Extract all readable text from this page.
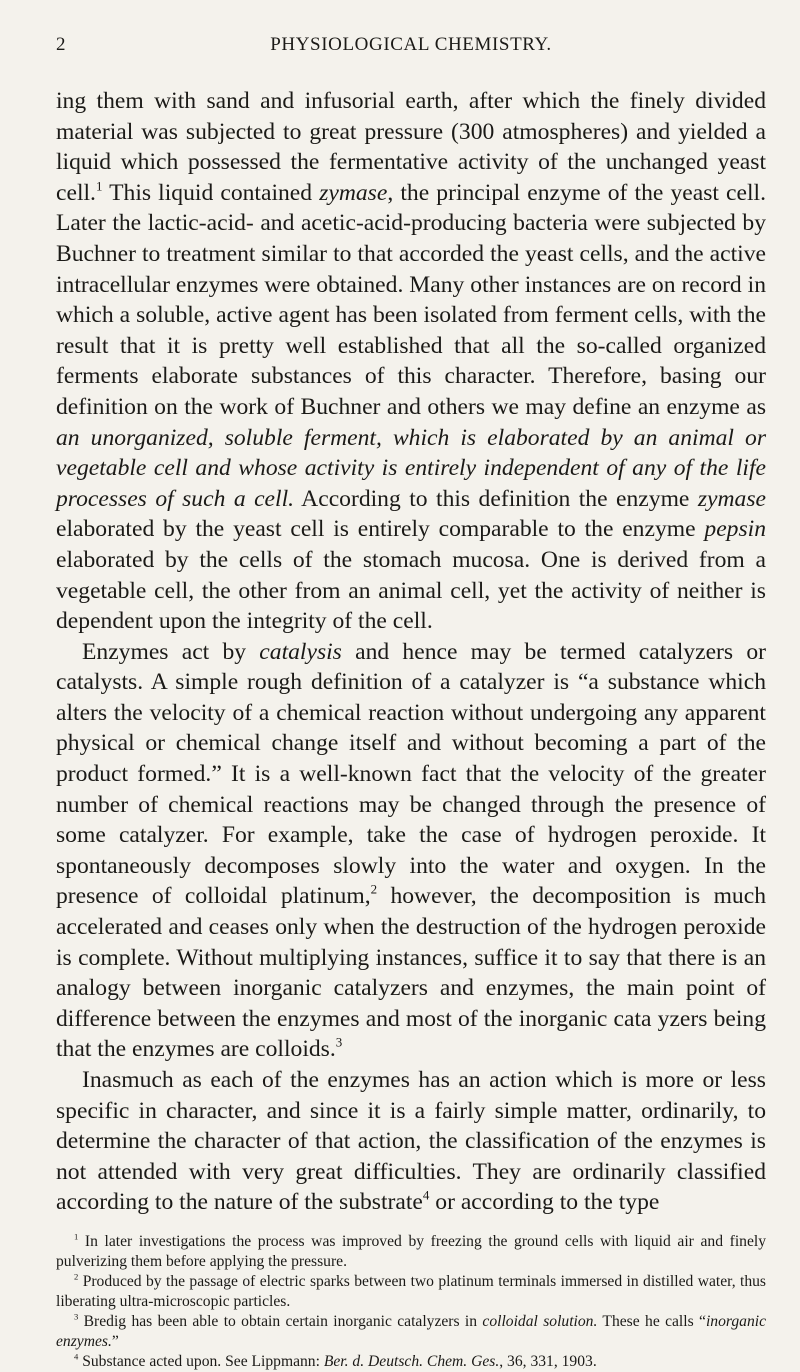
2	PHYSIOLOGICAL CHEMISTRY.

ing them with sand and infusorial earth, after which the finely divided material was subjected to great pressure (300 atmospheres) and yielded a liquid which possessed the fermentative activity of the unchanged yeast cell.$^1$ This liquid contained zymase, the principal enzyme of the yeast cell. Later the lactic-acid- and acetic-acid-producing bacteria were subjected by Buchner to treatment similar to that accorded the yeast cells, and the active intracellular enzymes were obtained. Many other instances are on record in which a soluble, active agent has been isolated from ferment cells, with the result that it is pretty well established that all the so-called organized ferments elaborate substances of this character. Therefore, basing our definition on the work of Buchner and others we may define an enzyme as an unorganized, soluble ferment, which is elaborated by an animal or vegetable cell and whose activity is entirely independent of any of the life processes of such a cell. According to this definition the enzyme zymase elaborated by the yeast cell is entirely comparable to the enzyme pepsin elaborated by the cells of the stomach mucosa. One is derived from a vegetable cell, the other from an animal cell, yet the activity of neither is dependent upon the integrity of the cell.

Enzymes act by catalysis and hence may be termed catalyzers or catalysts. A simple rough definition of a catalyzer is “a substance which alters the velocity of a chemical reaction without undergoing any apparent physical or chemical change itself and without becoming a part of the product formed.” It is a well-known fact that the velocity of the greater number of chemical reactions may be changed through the presence of some catalyzer. For example, take the case of hydrogen peroxide. It spontaneously decomposes slowly into the water and oxygen. In the presence of colloidal platinum,$^2$ however, the decomposition is much accelerated and ceases only when the destruction of the hydrogen peroxide is complete. Without multiplying instances, suffice it to say that there is an analogy between inorganic catalyzers and enzymes, the main point of difference between the enzymes and most of the inorganic cata yzers being that the enzymes are colloids.$^3$

Inasmuch as each of the enzymes has an action which is more or less specific in character, and since it is a fairly simple matter, ordinarily, to determine the character of that action, the classification of the enzymes is not attended with very great difficulties. They are ordinarily classified according to the nature of the substrate$^4$ or according to the type

$^1$ In later investigations the process was improved by freezing the ground cells with liquid air and finely pulverizing them before applying the pressure.

$^2$ Produced by the passage of electric sparks between two platinum terminals immersed in distilled water, thus liberating ultra-microscopic particles.

$^3$ Bredig has been able to obtain certain inorganic catalyzers in colloidal solution. These he calls “inorganic enzymes.”

$^4$ Substance acted upon. See Lippmann: Ber. d. Deutsch. Chem. Ges., 36, 331, 1903.
